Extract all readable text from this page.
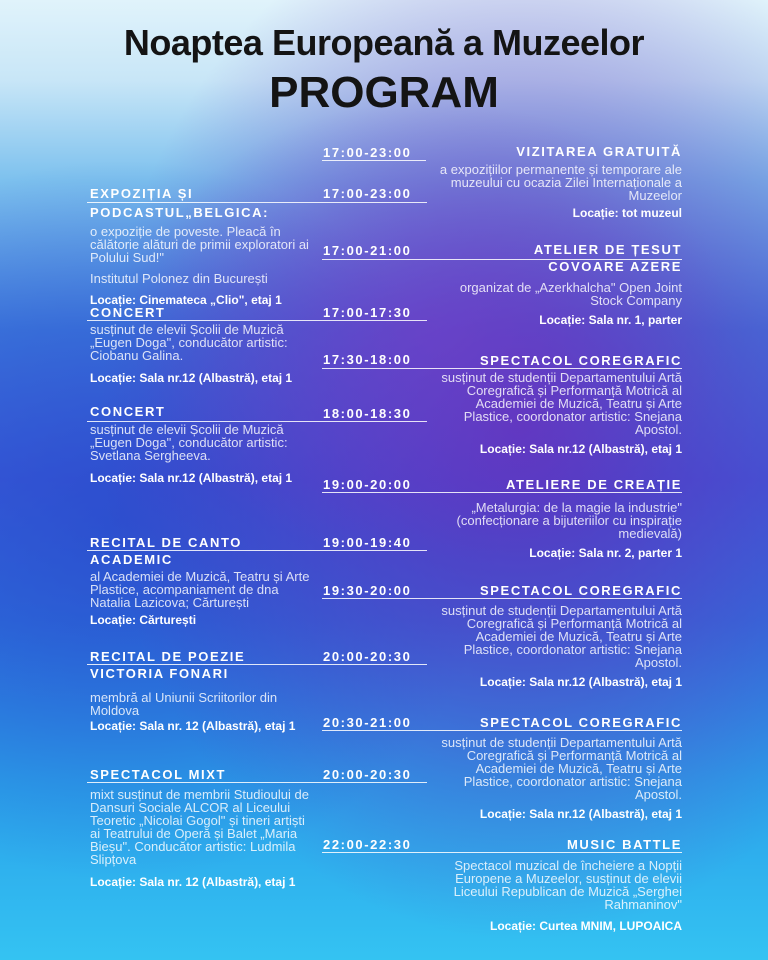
Noaptea Europeană a Muzeelor
PROGRAM
17:00-23:00
17:00-23:00
17:00-21:00
17:00-17:30
17:30-18:00
18:00-18:30
19:00-20:00
19:00-19:40
19:30-20:00
20:00-20:30
20:30-21:00
20:00-20:30
22:00-22:30
VIZITAREA GRATUITĂ
a expozițiilor permanente și temporare ale muzeului cu ocazia Zilei Internaționale a Muzeelor
Locație: tot muzeul
ATELIER DE ȚESUT
COVOARE AZERE
organizat de „Azerkhalcha" Open Joint Stock Company
Locație: Sala nr. 1, parter
SPECTACOL COREGRAFIC
susținut de studenții Departamentului Artă Coregrafică și Performanță Motrică al Academiei de Muzică, Teatru și Arte Plastice, coordonator artistic: Snejana Apostol.
Locație: Sala nr.12 (Albastră), etaj 1
ATELIERE DE CREAȚIE
„Metalurgia: de la magie la industrie" (confecționare a bijuteriilor cu inspirație medievală)
Locație: Sala nr. 2, parter 1
SPECTACOL COREGRAFIC
susținut de studenții Departamentului Artă Coregrafică și Performanță Motrică al Academiei de Muzică, Teatru și Arte Plastice, coordonator artistic: Snejana Apostol.
Locație: Sala nr.12 (Albastră), etaj 1
SPECTACOL COREGRAFIC
susținut de studenții Departamentului Artă Coregrafică și Performanță Motrică al Academiei de Muzică, Teatru și Arte Plastice, coordonator artistic: Snejana Apostol.
Locație: Sala nr.12 (Albastră), etaj 1
MUSIC BATTLE
Spectacol muzical de încheiere a Nopții Europene a Muzeelor, susținut de elevii Liceului Republican de Muzică „Serghei Rahmaninov"
Locație: Curtea MNIM, LUPOAICA
EXPOZIȚIA ȘI
PODCASTUL„BELGICA:
o expoziție de poveste. Pleacă în călătorie alături de primii exploratori ai Polului Sud!"
Institutul Polonez din București
Locație: Cinemateca „Clio", etaj 1
CONCERT
susținut de elevii Școlii de Muzică „Eugen Doga", conducător artistic: Ciobanu Galina.
Locație: Sala nr.12 (Albastră), etaj 1
CONCERT
susținut de elevii Școlii de Muzică „Eugen Doga", conducător artistic: Svetlana Sergheeva.
Locație: Sala nr.12 (Albastră), etaj 1
RECITAL DE CANTO
ACADEMIC
al Academiei de Muzică, Teatru și Arte Plastice, acompaniament de dna Natalia Lazicova; Cărturești
Locație: Cărturești
RECITAL DE POEZIE
VICTORIA FONARI
membră al Uniunii Scriitorilor din Moldova
Locație: Sala nr. 12 (Albastră), etaj 1
SPECTACOL MIXT
mixt susținut de membrii Studioului de Dansuri Sociale ALCOR al Liceului Teoretic „Nicolai Gogol" și tineri artiști ai Teatrului de Operă și Balet „Maria Bieșu". Conducător artistic: Ludmila Slipțova
Locație: Sala nr. 12 (Albastră), etaj 1
